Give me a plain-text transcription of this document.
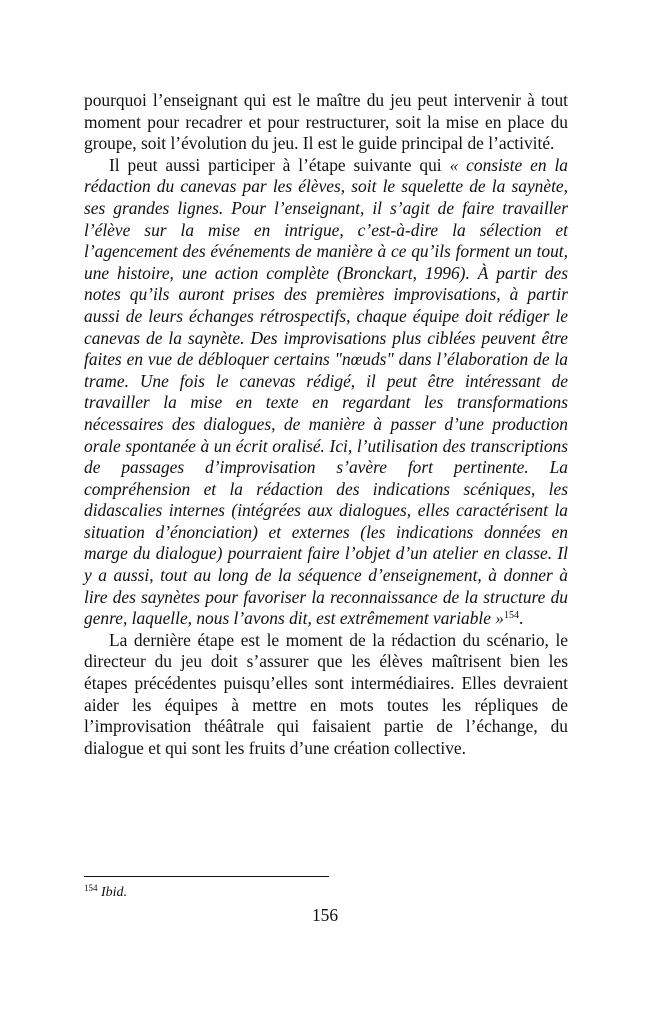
pourquoi l’enseignant qui est le maître du jeu peut intervenir à tout moment pour recadrer et pour restructurer, soit la mise en place du groupe, soit l’évolution du jeu. Il est le guide principal de l’activité.

Il peut aussi participer à l’étape suivante qui « consiste en la rédaction du canevas par les élèves, soit le squelette de la saynète, ses grandes lignes. Pour l’enseignant, il s’agit de faire travailler l’élève sur la mise en intrigue, c’est-à-dire la sélection et l’agencement des événements de manière à ce qu’ils forment un tout, une histoire, une action complète (Bronckart, 1996). À partir des notes qu’ils auront prises des premières improvisations, à partir aussi de leurs échanges rétrospectifs, chaque équipe doit rédiger le canevas de la saynète. Des improvisations plus ciblées peuvent être faites en vue de débloquer certains "nœuds" dans l’élaboration de la trame. Une fois le canevas rédigé, il peut être intéressant de travailler la mise en texte en regardant les transformations nécessaires des dialogues, de manière à passer d’une production orale spontanée à un écrit oralisé. Ici, l’utilisation des transcriptions de passages d’improvisation s’avère fort pertinente. La compréhension et la rédaction des indications scéniques, les didascalies internes (intégrées aux dialogues, elles caractérisent la situation d’énonciation) et externes (les indications données en marge du dialogue) pourraient faire l’objet d’un atelier en classe. Il y a aussi, tout au long de la séquence d’enseignement, à donner à lire des saynètes pour favoriser la reconnaissance de la structure du genre, laquelle, nous l’avons dit, est extrêmement variable »$^{154}$.

La dernière étape est le moment de la rédaction du scénario, le directeur du jeu doit s’assurer que les élèves maîtrisent bien les étapes précédentes puisqu’elles sont intermédiaires. Elles devraient aider les équipes à mettre en mots toutes les répliques de l’improvisation théâtrale qui faisaient partie de l’échange, du dialogue et qui sont les fruits d’une création collective.

$^{154}$ Ibid.
156
